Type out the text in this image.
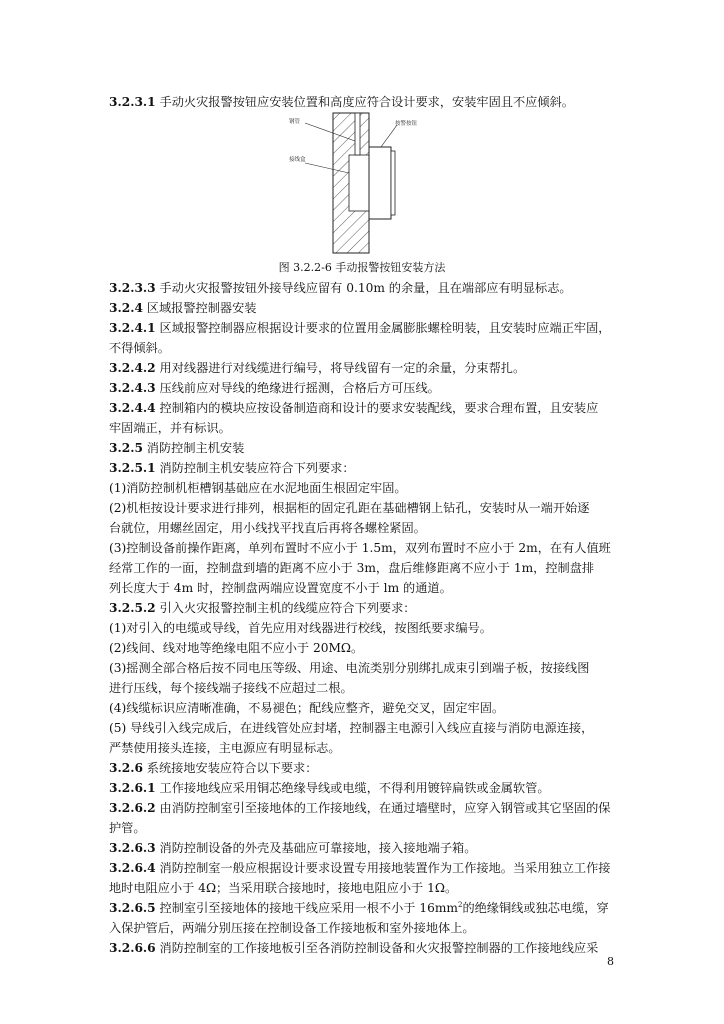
3.2.3.1 手动火灾报警按钮应安装位置和高度应符合设计要求，安装牢固且不应倾斜。
3.2.3.3 手动火灾报警按钮外接导线应留有 0.10m 的余量，且在端部应有明显标志。
3.2.4 区域报警控制器安装
3.2.4.1 区域报警控制器应根据设计要求的位置用金属膨胀螺栓明装，且安装时应端正牢固，
不得倾斜。
3.2.4.2 用对线器进行对线缆进行编号，将导线留有一定的余量，分束帮扎。
3.2.4.3 压线前应对导线的绝缘进行摇测，合格后方可压线。
3.2.4.4 控制箱内的模块应按设备制造商和设计的要求安装配线，要求合理布置，且安装应
牢固端正，并有标识。
3.2.5 消防控制主机安装
3.2.5.1 消防控制主机安装应符合下列要求：
(1)消防控制机柜槽钢基础应在水泥地面生根固定牢固。
(2)机柜按设计要求进行排列，根据柜的固定孔距在基础槽钢上钻孔，安装时从一端开始逐
台就位，用螺丝固定，用小线找平找直后再将各螺栓紧固。
(3)控制设备前操作距离，单列布置时不应小于 1.5m，双列布置时不应小于 2m，在有人值班
经常工作的一面，控制盘到墙的距离不应小于 3m，盘后维修距离不应小于 1m，控制盘排
列长度大于 4m 时，控制盘两端应设置宽度不小于 lm 的通道。
3.2.5.2 引入火灾报警控制主机的线缆应符合下列要求：
(1)对引入的电缆或导线，首先应用对线器进行校线，按图纸要求编号。
(2)线间、线对地等绝缘电阻不应小于 20MΩ。
(3)摇测全部合格后按不同电压等级、用途、电流类别分别绑扎成束引到端子板，按接线图
进行压线，每个接线端子接线不应超过二根。
(4)线缆标识应清晰准确，不易褪色；配线应整齐，避免交叉，固定牢固。
(5) 导线引入线完成后，在进线管处应封堵，控制器主电源引入线应直接与消防电源连接，
严禁使用接头连接，主电源应有明显标志。
3.2.6 系统接地安装应符合以下要求：
3.2.6.1 工作接地线应采用铜芯绝缘导线或电缆，不得利用镀锌扁铁或金属软管。
3.2.6.2 由消防控制室引至接地体的工作接地线，在通过墙壁时，应穿入钢管或其它坚固的保
护管。
3.2.6.3 消防控制设备的外壳及基础应可靠接地，接入接地端子箱。
3.2.6.4 消防控制室一般应根据设计要求设置专用接地装置作为工作接地。当采用独立工作接
地时电阻应小于 4Ω；当采用联合接地时，接地电阻应小于 1Ω。
3.2.6.5 控制室引至接地体的接地干线应采用一根不小于 $16mm^2$的绝缘铜线或独芯电缆，穿
入保护管后，两端分别压接在控制设备工作接地板和室外接地体上。
3.2.6.6 消防控制室的工作接地板引至各消防控制设备和火灾报警控制器的工作接地线应采
钢管
接线盒
按警按钮
图 3.2.2-6 手动报警按钮安装方法
8
